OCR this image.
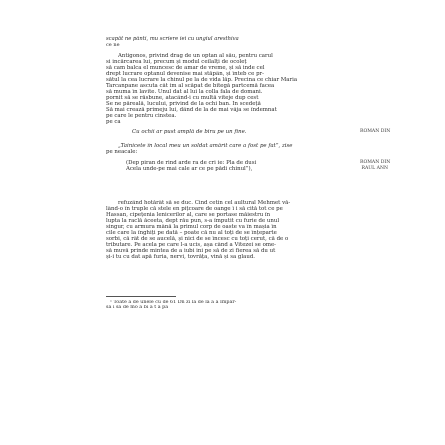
scapăt ne pânti, mu scriere iei cu ungiul aresthiva
ce ne
Antigonos, privind drag de un optan al său, pentru carul
si incărcarea lui, precum și modul ceilalți de ocoleț
să cam balca el muncesc de amar de vreme, și să inde cel
drept lucrare optanul devenise mai stăpân, și înteb ce pr-
sătul la cea lucrare la chinul pe la de vida lăp. Precina ce chiar Maria
Tarcanpane ascuta cât im al scăpat de bitegă partcemă facea
să muma în lavite. Unul dat al lui la colla fala de domani.
pornit să se răsbune, atacând-i cu multă viteje dup cest
Se ne păreală, lucului, privind de la ochi ban. In scedeță
Să mai crează primeju lui, dând de la de mai vâja se îndemnat
pe care le pentru cinstea.
pe ca
Cu ochii ar pust amplă de biru pe un fine.	ROMAN DIN
„Tainicete în local meu un soldat amărit care a fost pe fat”, zise
pe neacale:
(Dep piran de rind arde ra de cri ie: Pla de dusi
Acela unde-pe mai cale ar ce pe pădi chinul”),
ROMAN DIN
RAUL ANN
refuzând hotărât să se duc. Cind cetin cel aultural Mehmet vă-
lând-o în truple că stele en pițcoare de oange î i să cită tot ce pe
Hassan, cipețenia lenicerilor al, care se portase măiestru în
lupta la raclă ăceeta, dept rău pun, s-a împutit cu furie de unul
singur, cu armura mână la primul corp de oaste va în mașia în
cile care la înghiți pe dată – poate că nu al toți de se înțeparte
sorbi, că rât de se aucelă, și nici de se încesc cu toți cerut, că de o
tributare. Pe acela pe care l-a ucis, așa când a Vitezei se ome-
să muvă prinde mintea de a iubi ini pe să de zi fierea să du ut
și-i tu cu dat apă furia, nervi, tovrăța, vină și sa glaud.
¹ Toate a de unele cu de 61 Dn zi la de la a a Împăr-
să i să de mo a bi a t a pa
